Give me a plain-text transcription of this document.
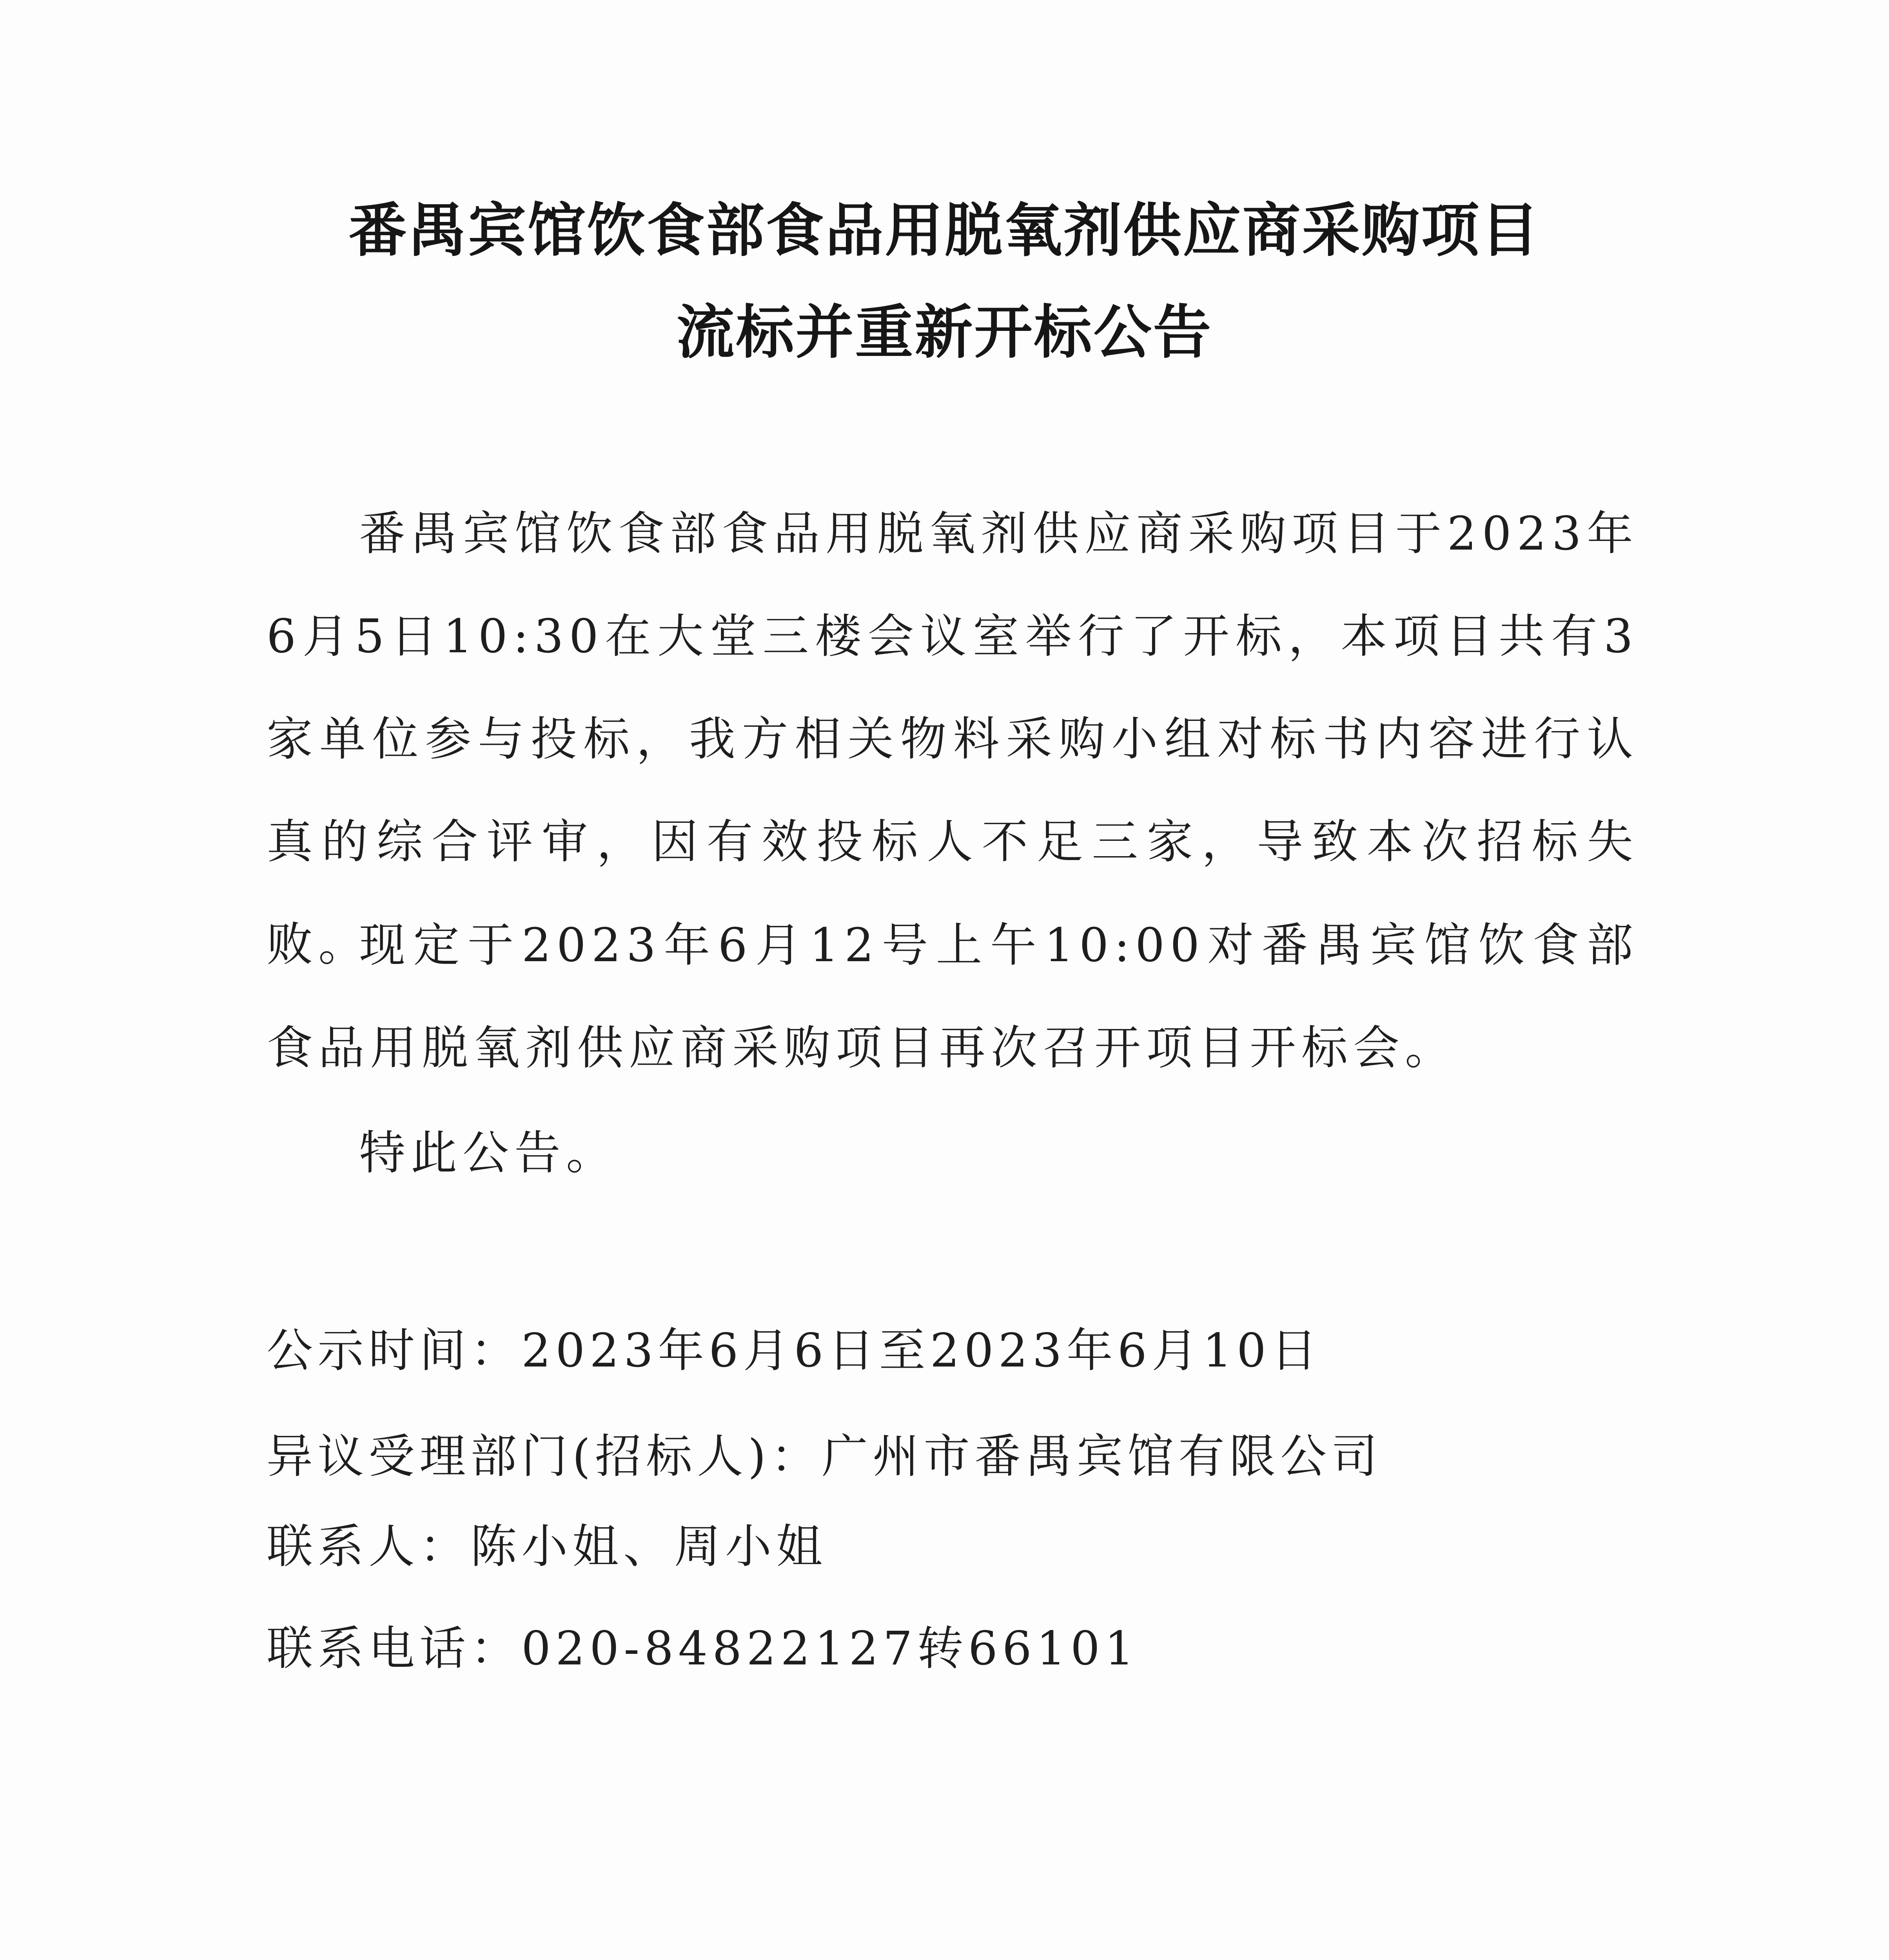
番禺宾馆饮食部食品用脱氧剂供应商采购项目
流标并重新开标公告

番禺宾馆饮食部食品用脱氧剂供应商采购项目于2023年6月5日10:30在大堂三楼会议室举行了开标，本项目共有3家单位参与投标，我方相关物料采购小组对标书内容进行认真的综合评审，因有效投标人不足三家，导致本次招标失败。

现定于2023年6月12号上午10:00对番禺宾馆饮食部食品用脱氧剂供应商采购项目再次召开项目开标会。

特此公告。

公示时间：2023年6月6日至2023年6月10日
异议受理部门(招标人)：广州市番禺宾馆有限公司
联系人：陈小姐、周小姐
联系电话：020-84822127转66101
